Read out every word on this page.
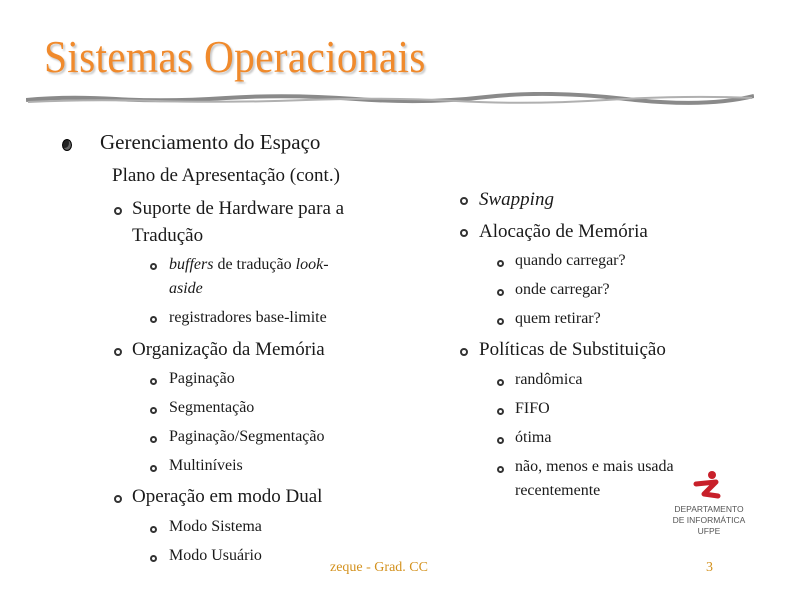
Sistemas Operacionais
Gerenciamento do Espaço
Plano de Apresentação (cont.)
Suporte de Hardware para a
Tradução
buffers de tradução look-
aside
registradores base-limite
Organização da Memória
Paginação
Segmentação
Paginação/Segmentação
Multiníveis
Operação em modo Dual
Modo Sistema
Modo Usuário
Swapping
Alocação de Memória
quando carregar?
onde carregar?
quem retirar?
Políticas de Substituição
randômica
FIFO
ótima
não, menos e mais usada
recentemente
DEPARTAMENTO
DE INFORMÁTICA
UFPE
zeque - Grad. CC	3
